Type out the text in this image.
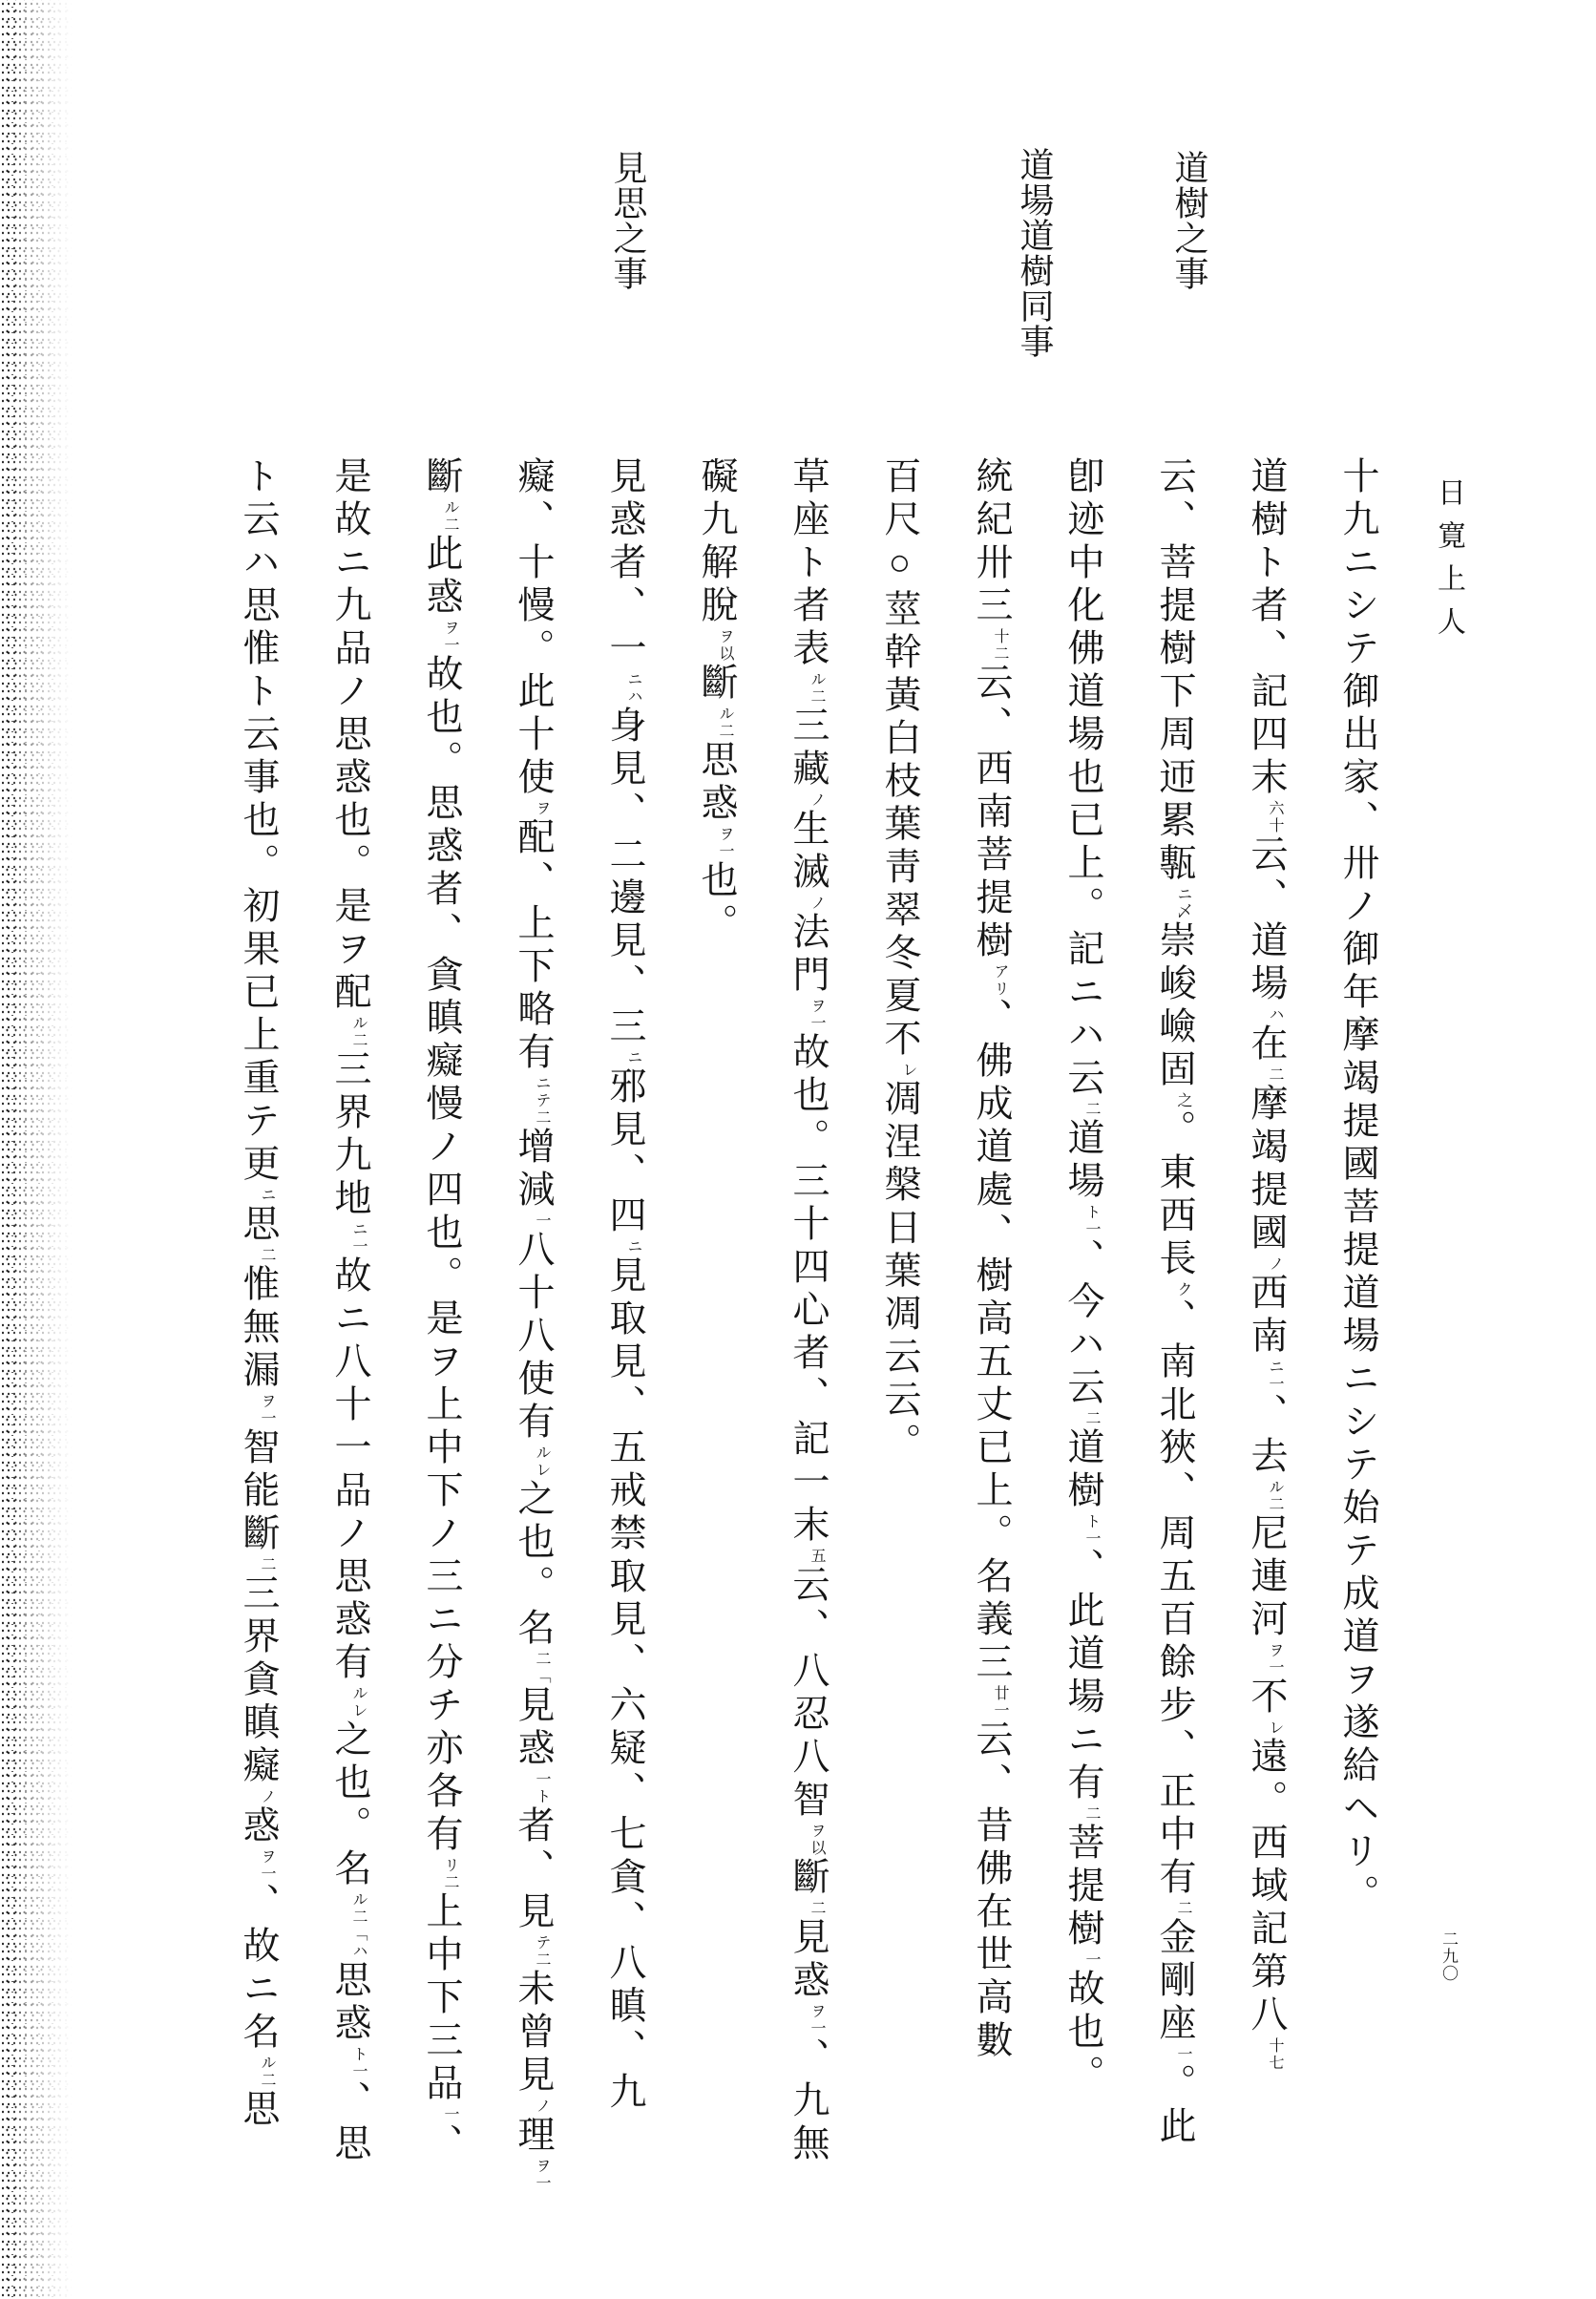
道樹之事
道場道樹同事
見思之事
日寛上人
二九〇
十九ニシテ御出家、卅ノ御年摩竭提國菩提道場ニシテ始テ成道ヲ遂給ヘリ。
道樹ト者、記四末六十云、道場ハ在二摩竭提國ノ西南ニ一、去ル二尼連河ヲ一不レ遠。西域記第八十七
云、菩提樹下周迊累甎ニ乄崇峻嶮固之。東西長ク、南北狹、周五百餘步、正中有二金剛座一。此
卽迹中化佛道場也已上。記ニハ云二道場ト一、今ハ云二道樹ト一、此道場ニ有二菩提樹一故也。
統紀卅三十二云、西南菩提樹アリ、佛成道處、樹高五丈已上。名義三廿一云、昔佛在世高數
百尺○莖幹黃白枝葉靑翠冬夏不レ凋涅槃日葉凋云云。
草座ト者表ル二三藏ノ生滅ノ法門ヲ一故也。三十四心者、記一末五云、八忍八智ヲ以斷二見惑ヲ一、九無
礙九解脫ヲ以斷ル二思惑ヲ一也。
見惑者、一ニハ身見、二邊見、三ニ邪見、四ニ見取見、五戒禁取見、六疑、七貪、八瞋、九
癡、十慢。此十使ヲ配、上下略有ニテ二增減一八十八使有ルレ之也。名二「見惑一ト者、見テ二未曾見ノ理ヲ一
斷ル二此惑ヲ一故也。思惑者、貪瞋癡慢ノ四也。是ヲ上中下ノ三ニ分チ亦各有リ二上中下三品一、
是故ニ九品ノ思惑也。是ヲ配ル二三界九地ニ一故ニ八十一品ノ思惑有ルレ之也。名ル二「ハ思惑ト一、思
ト云ハ思惟ト云事也。初果已上重テ更ニ思二惟無漏ヲ一智能斷二三界貪瞋癡ノ惑ヲ一、故ニ名ル二思
